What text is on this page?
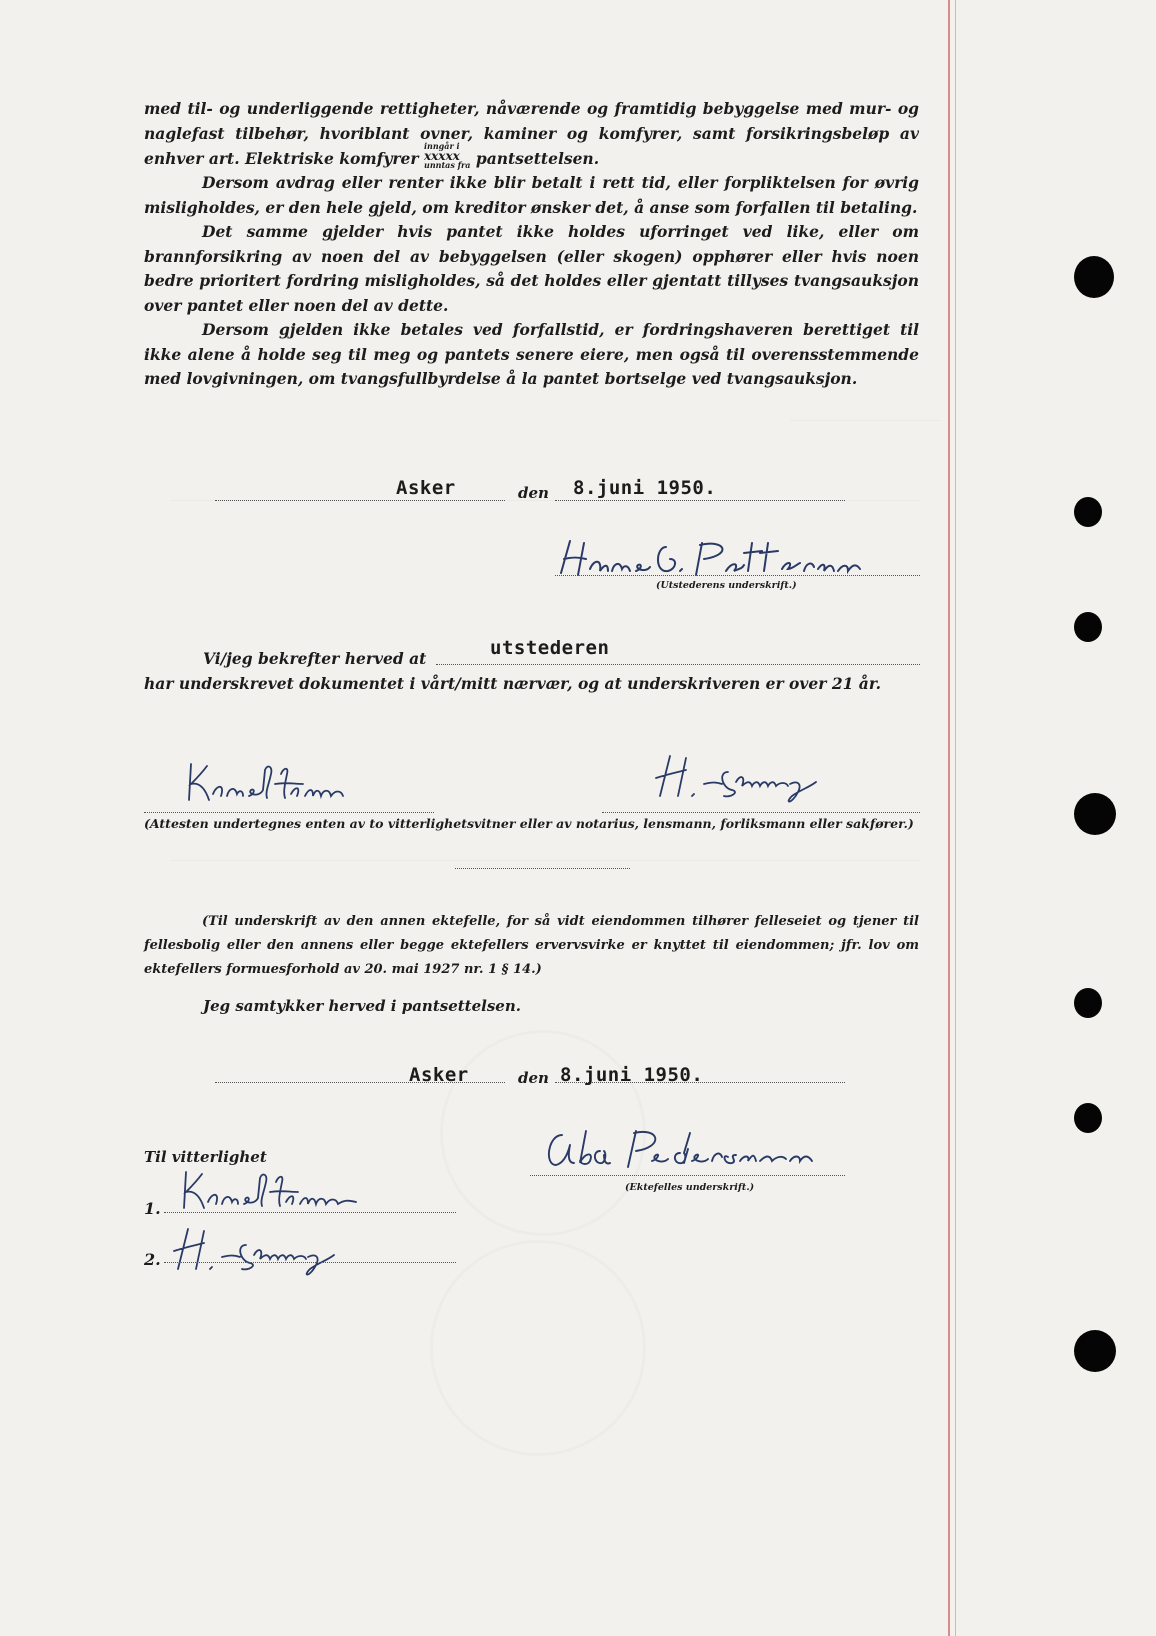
med til- og underliggende rettigheter, nåværende og framtidig bebyggelse med mur- og naglefast tilbehør, hvoriblant ovner, kaminer og komfyrer, samt forsikringsbeløp av enhver art. Elektriske komfyrer inngår i
xxxxx
unntas fra pantsettelsen.
Dersom avdrag eller renter ikke blir betalt i rett tid, eller forpliktelsen for øvrig misligholdes, er den hele gjeld, om kreditor ønsker det, å anse som forfallen til betaling.
Det samme gjelder hvis pantet ikke holdes uforringet ved like, eller om brannforsikring av noen del av bebyggelsen (eller skogen) opphører eller hvis noen bedre prioritert fordring misligholdes, så det holdes eller gjentatt tillyses tvangsauksjon over pantet eller noen del av dette.
Dersom gjelden ikke betales ved forfallstid, er fordringshaveren berettiget til ikke alene å holde seg til meg og pantets senere eiere, men også til overensstemmende med lovgivningen, om tvangsfullbyrdelse å la pantet bortselge ved tvangsauksjon.
Asker	den 8.juni 1950.
(Utstederens underskrift.)
Vi/jeg bekrefter herved at	utstederen
har underskrevet dokumentet i vårt/mitt nærvær, og at underskriveren er over 21 år.
(Attesten undertegnes enten av to vitterlighetsvitner eller av notarius, lensmann, forliksmann eller sakfører.)
(Til underskrift av den annen ektefelle, for så vidt eiendommen tilhører felleseiet og tjener til fellesbolig eller den annens eller begge ektefellers ervervsvirke er knyttet til eiendommen; jfr. lov om ektefellers formuesforhold av 20. mai 1927 nr. 1 § 14.)
Jeg samtykker herved i pantsettelsen.
Asker	den 8.juni 1950.
Til vitterlighet
(Ektefelles underskrift.)
1.
2.
